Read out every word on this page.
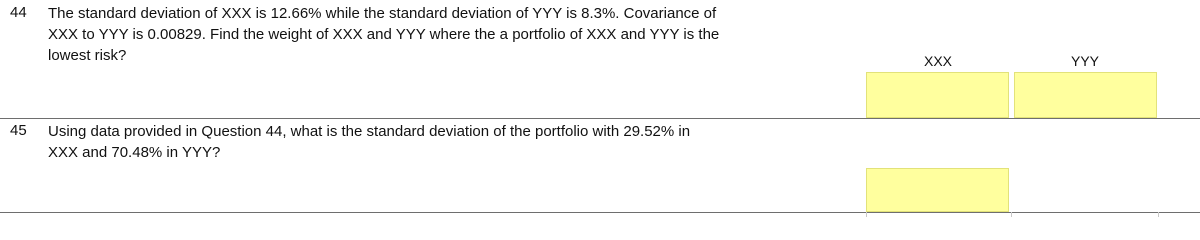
44 The standard deviation of XXX is 12.66% while the standard deviation of YYY is 8.3%. Covariance of
XXX to YYY is 0.00829. Find the weight of XXX and YYY where the a portfolio of XXX and YYY is the
lowest risk?	XXX	YYY
45 Using data provided in Question 44, what is the standard deviation of the portfolio with 29.52% in
XXX and 70.48% in YYY?
